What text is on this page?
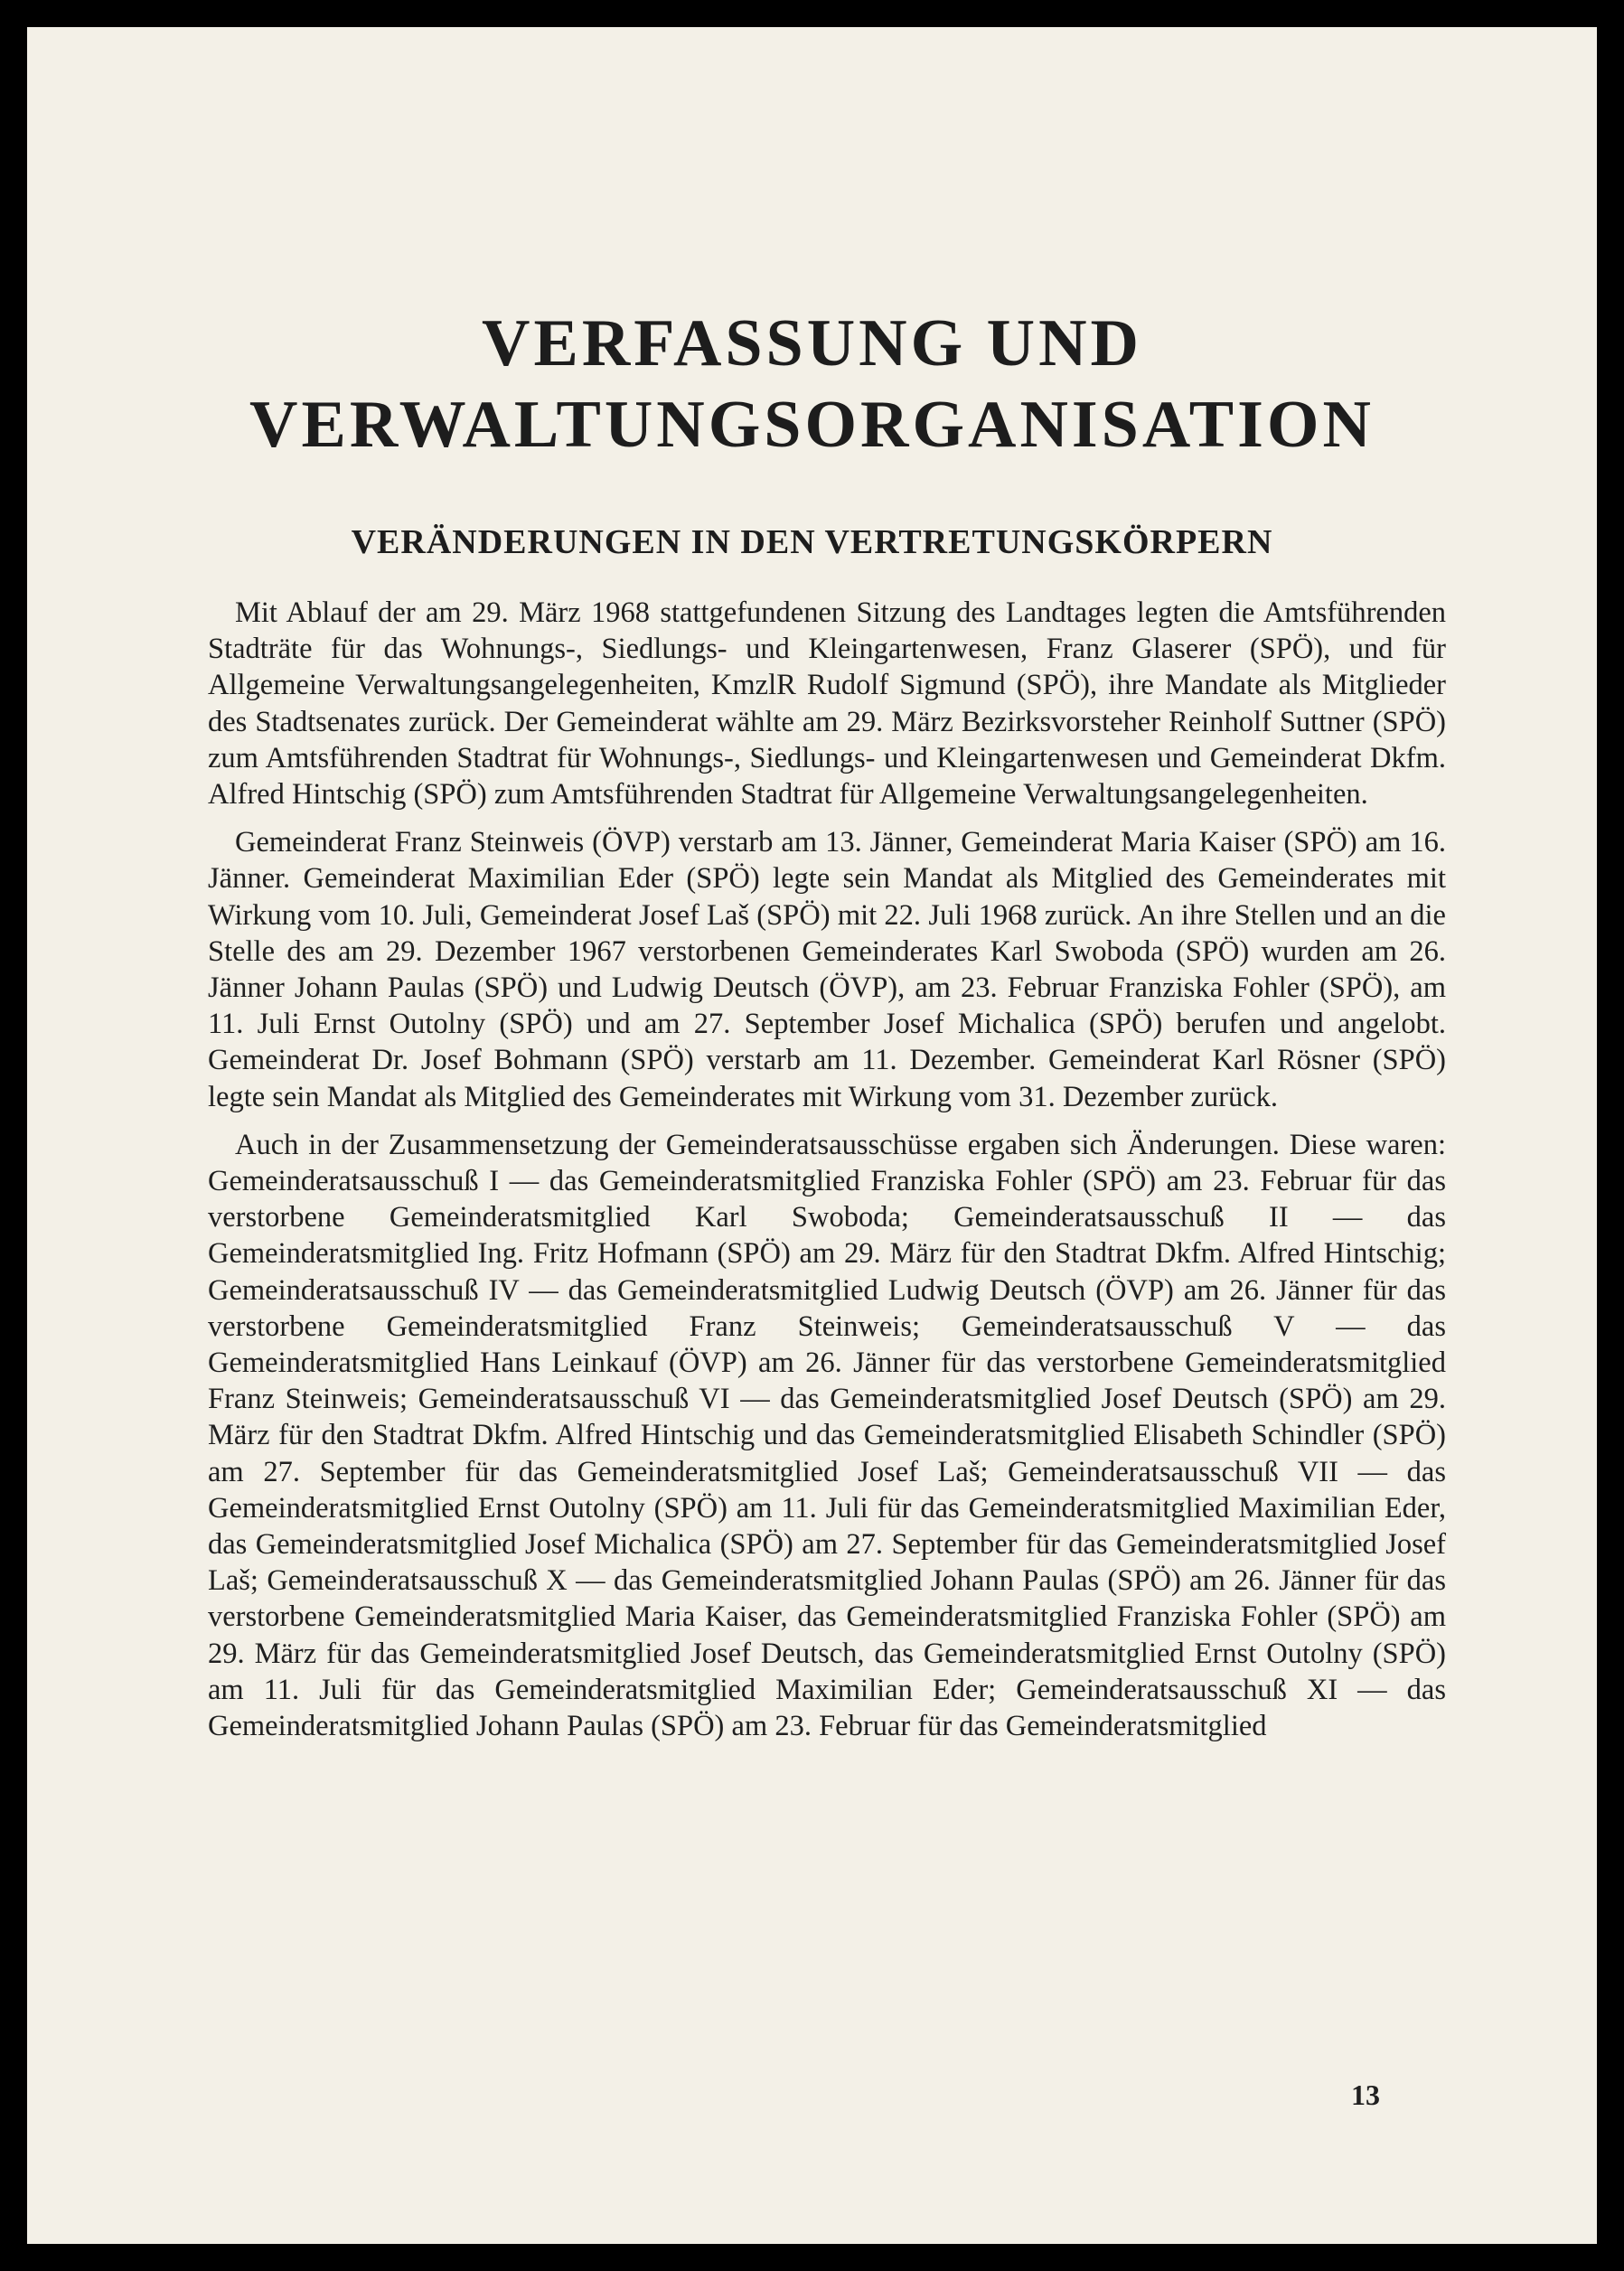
VERFASSUNG UND
VERWALTUNGSORGANISATION
VERÄNDERUNGEN IN DEN VERTRETUNGSKÖRPERN

Mit Ablauf der am 29. März 1968 stattgefundenen Sitzung des Landtages legten die Amtsführenden Stadträte für das Wohnungs-, Siedlungs- und Kleingartenwesen, Franz Glaserer (SPÖ), und für Allgemeine Verwaltungsangelegenheiten, KmzlR Rudolf Sigmund (SPÖ), ihre Mandate als Mitglieder des Stadtsenates zurück. Der Gemeinderat wählte am 29. März Bezirksvorsteher Reinholf Suttner (SPÖ) zum Amtsführenden Stadtrat für Wohnungs-, Siedlungs- und Kleingartenwesen und Gemeinderat Dkfm. Alfred Hintschig (SPÖ) zum Amtsführenden Stadtrat für Allgemeine Verwaltungsangelegenheiten.

Gemeinderat Franz Steinweis (ÖVP) verstarb am 13. Jänner, Gemeinderat Maria Kaiser (SPÖ) am 16. Jänner. Gemeinderat Maximilian Eder (SPÖ) legte sein Mandat als Mitglied des Gemeinderates mit Wirkung vom 10. Juli, Gemeinderat Josef Laš (SPÖ) mit 22. Juli 1968 zurück. An ihre Stellen und an die Stelle des am 29. Dezember 1967 verstorbenen Gemeinderates Karl Swoboda (SPÖ) wurden am 26. Jänner Johann Paulas (SPÖ) und Ludwig Deutsch (ÖVP), am 23. Februar Franziska Fohler (SPÖ), am 11. Juli Ernst Outolny (SPÖ) und am 27. September Josef Michalica (SPÖ) berufen und angelobt. Gemeinderat Dr. Josef Bohmann (SPÖ) verstarb am 11. Dezember. Gemeinderat Karl Rösner (SPÖ) legte sein Mandat als Mitglied des Gemeinderates mit Wirkung vom 31. Dezember zurück.

Auch in der Zusammensetzung der Gemeinderatsausschüsse ergaben sich Änderungen. Diese waren: Gemeinderatsausschuß I — das Gemeinderatsmitglied Franziska Fohler (SPÖ) am 23. Februar für das verstorbene Gemeinderatsmitglied Karl Swoboda; Gemeinderatsausschuß II — das Gemeinderatsmitglied Ing. Fritz Hofmann (SPÖ) am 29. März für den Stadtrat Dkfm. Alfred Hintschig; Gemeinderatsausschuß IV — das Gemeinderatsmitglied Ludwig Deutsch (ÖVP) am 26. Jänner für das verstorbene Gemeinderatsmitglied Franz Steinweis; Gemeinderatsausschuß V — das Gemeinderatsmitglied Hans Leinkauf (ÖVP) am 26. Jänner für das verstorbene Gemeinderatsmitglied Franz Steinweis; Gemeinderatsausschuß VI — das Gemeinderatsmitglied Josef Deutsch (SPÖ) am 29. März für den Stadtrat Dkfm. Alfred Hintschig und das Gemeinderatsmitglied Elisabeth Schindler (SPÖ) am 27. September für das Gemeinderatsmitglied Josef Laš; Gemeinderatsausschuß VII — das Gemeinderatsmitglied Ernst Outolny (SPÖ) am 11. Juli für das Gemeinderatsmitglied Maximilian Eder, das Gemeinderatsmitglied Josef Michalica (SPÖ) am 27. September für das Gemeinderatsmitglied Josef Laš; Gemeinderatsausschuß X — das Gemeinderatsmitglied Johann Paulas (SPÖ) am 26. Jänner für das verstorbene Gemeinderatsmitglied Maria Kaiser, das Gemeinderatsmitglied Franziska Fohler (SPÖ) am 29. März für das Gemeinderatsmitglied Josef Deutsch, das Gemeinderatsmitglied Ernst Outolny (SPÖ) am 11. Juli für das Gemeinderatsmitglied Maximilian Eder; Gemeinderatsausschuß XI — das Gemeinderatsmitglied Johann Paulas (SPÖ) am 23. Februar für das Gemeinderatsmitglied

13
